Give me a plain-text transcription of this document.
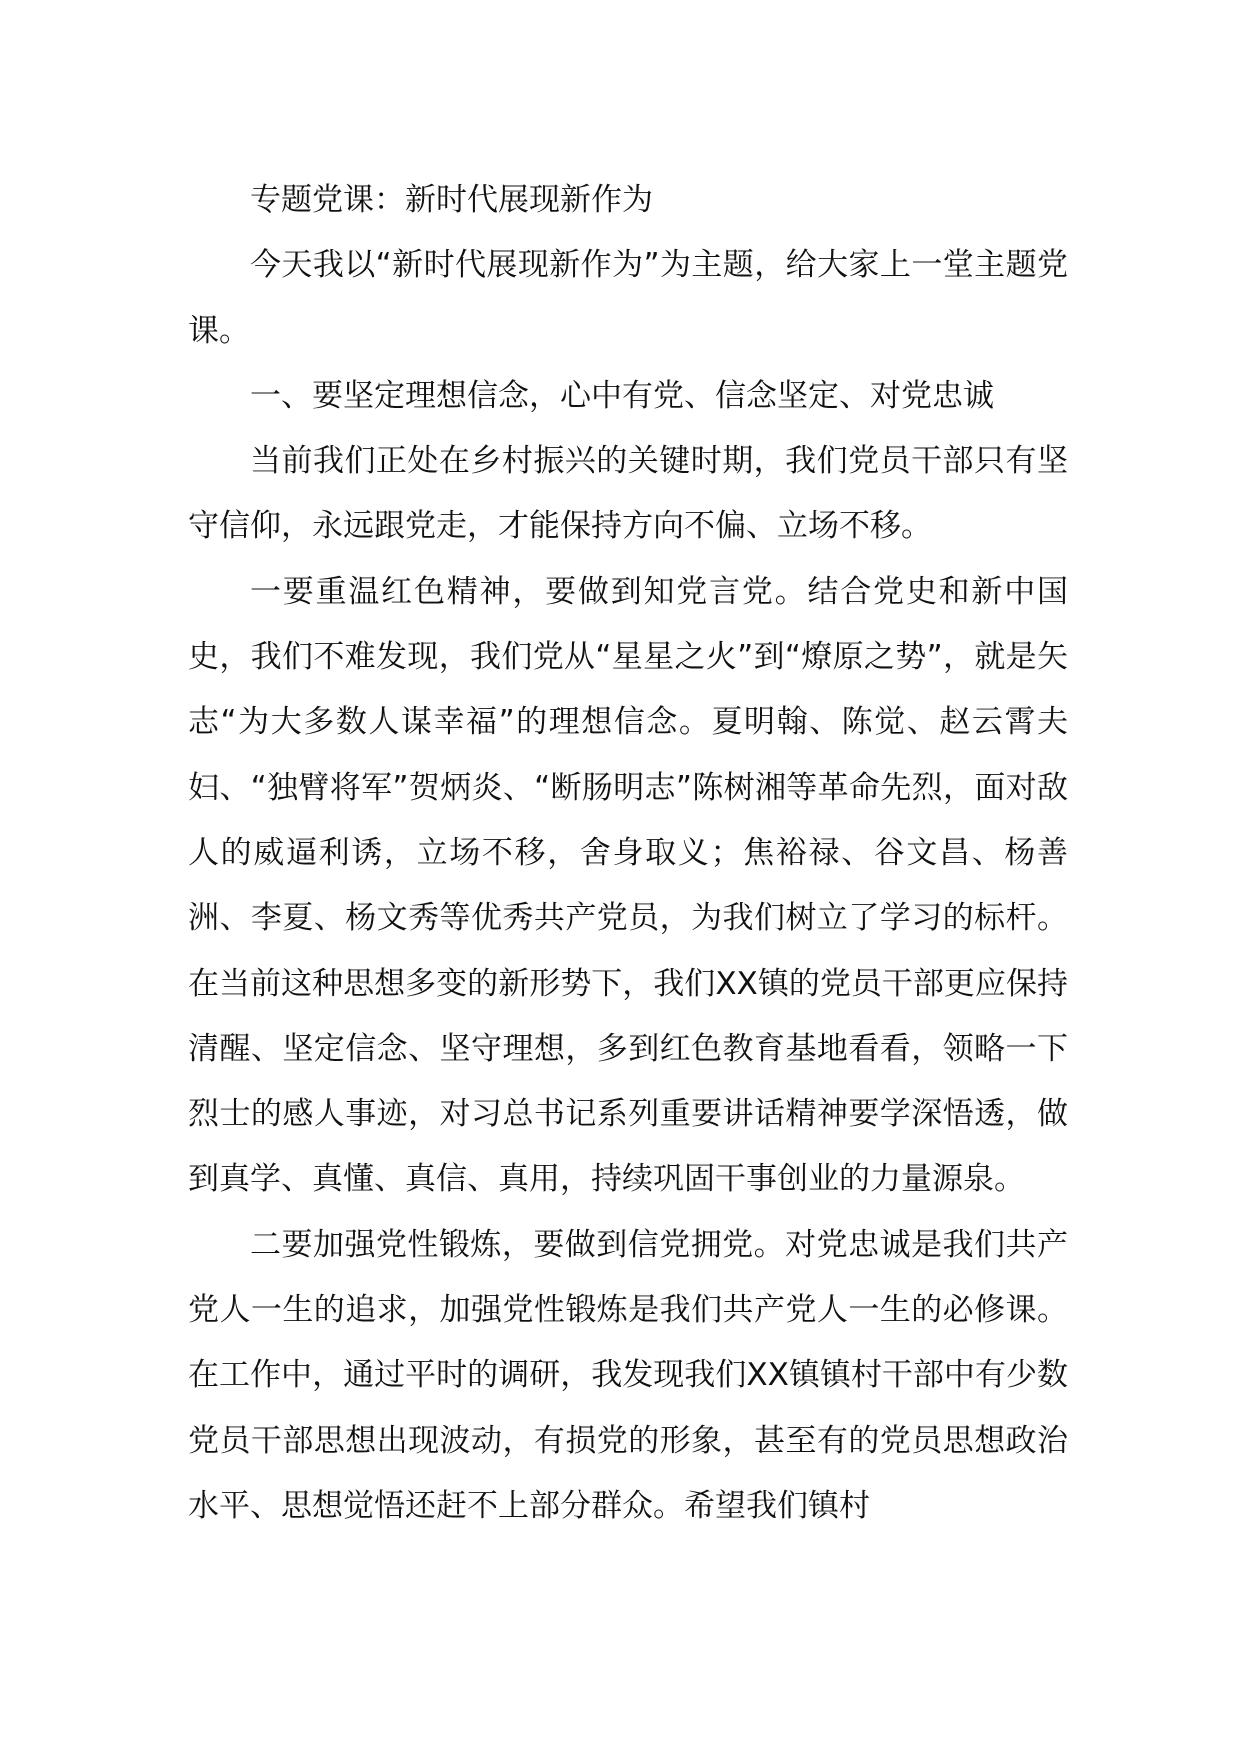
专题党课：新时代展现新作为

今天我以“新时代展现新作为”为主题，给大家上一堂主题党课。

一、要坚定理想信念，心中有党、信念坚定、对党忠诚

当前我们正处在乡村振兴的关键时期，我们党员干部只有坚守信仰，永远跟党走，才能保持方向不偏、立场不移。

一要重温红色精神，要做到知党言党。结合党史和新中国史，我们不难发现，我们党从“星星之火”到“燎原之势”，就是矢志“为大多数人谋幸福”的理想信念。夏明翰、陈觉、赵云霄夫妇、“独臂将军”贺炳炎、“断肠明志”陈树湘等革命先烈，面对敌人的威逼利诱，立场不移，舍身取义；焦裕禄、谷文昌、杨善洲、李夏、杨文秀等优秀共产党员，为我们树立了学习的标杆。在当前这种思想多变的新形势下，我们XX镇的党员干部更应保持清醒、坚定信念、坚守理想，多到红色教育基地看看，领略一下烈士的感人事迹，对习总书记系列重要讲话精神要学深悟透，做到真学、真懂、真信、真用，持续巩固干事创业的力量源泉。

二要加强党性锻炼，要做到信党拥党。对党忠诚是我们共产党人一生的追求，加强党性锻炼是我们共产党人一生的必修课。在工作中，通过平时的调研，我发现我们XX镇镇村干部中有少数党员干部思想出现波动，有损党的形象，甚至有的党员思想政治水平、思想觉悟还赶不上部分群众。希望我们镇村
